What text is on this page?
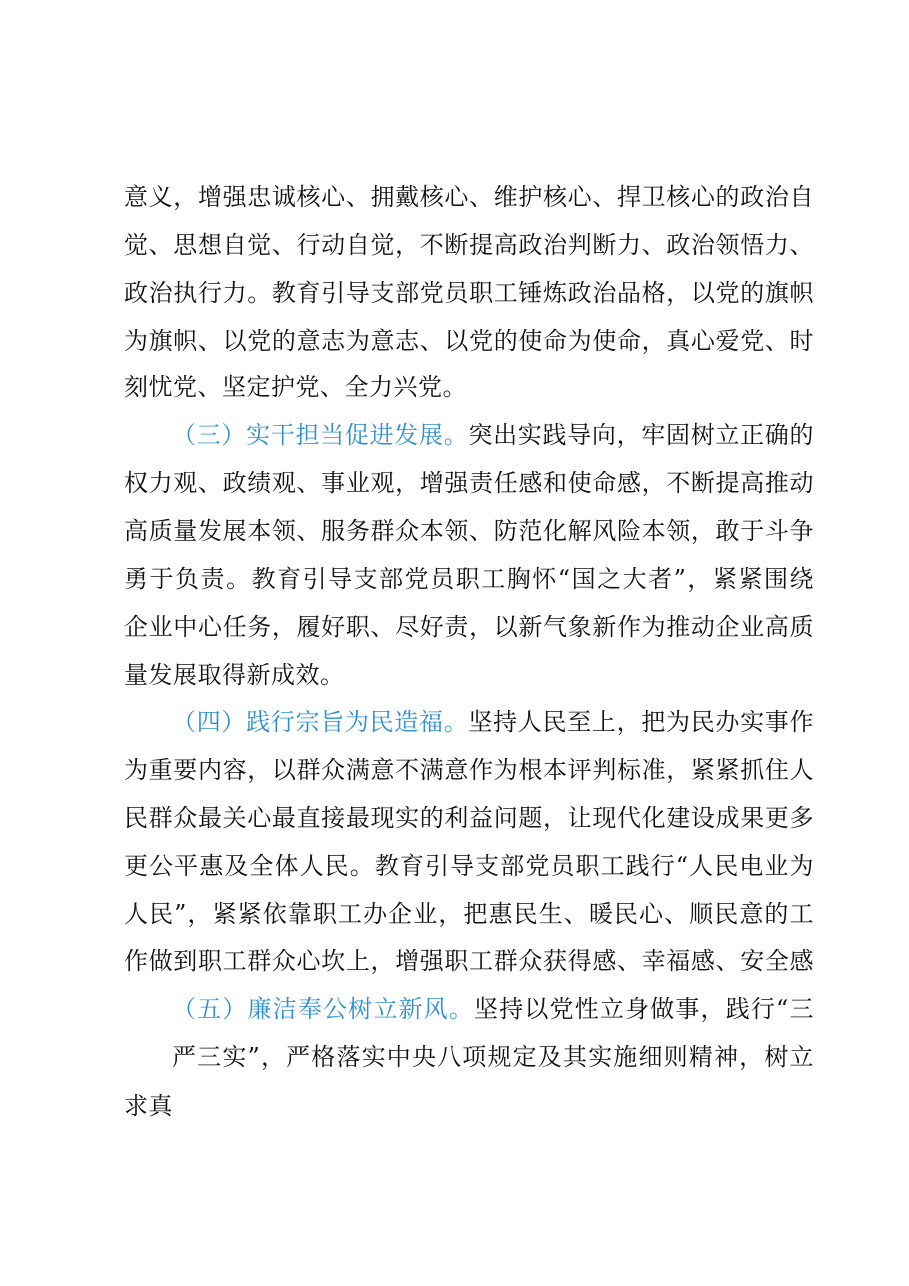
意义，增强忠诚核心、拥戴核心、维护核心、捍卫核心的政治自
觉、思想自觉、行动自觉，不断提高政治判断力、政治领悟力、
政治执行力。教育引导支部党员职工锤炼政治品格，以党的旗帜
为旗帜、以党的意志为意志、以党的使命为使命，真心爱党、时
刻忧党、坚定护党、全力兴党。
（三）实干担当促进发展。突出实践导向，牢固树立正确的
权力观、政绩观、事业观，增强责任感和使命感，不断提高推动
高质量发展本领、服务群众本领、防范化解风险本领，敢于斗争
勇于负责。教育引导支部党员职工胸怀“国之大者”，紧紧围绕
企业中心任务，履好职、尽好责，以新气象新作为推动企业高质
量发展取得新成效。
（四）践行宗旨为民造福。坚持人民至上，把为民办实事作
为重要内容，以群众满意不满意作为根本评判标准，紧紧抓住人
民群众最关心最直接最现实的利益问题，让现代化建设成果更多
更公平惠及全体人民。教育引导支部党员职工践行“人民电业为
人民”，紧紧依靠职工办企业，把惠民生、暖民心、顺民意的工
作做到职工群众心坎上，增强职工群众获得感、幸福感、安全感
（五）廉洁奉公树立新风。坚持以党性立身做事，践行“三
严三实”，严格落实中央八项规定及其实施细则精神，树立
求真
